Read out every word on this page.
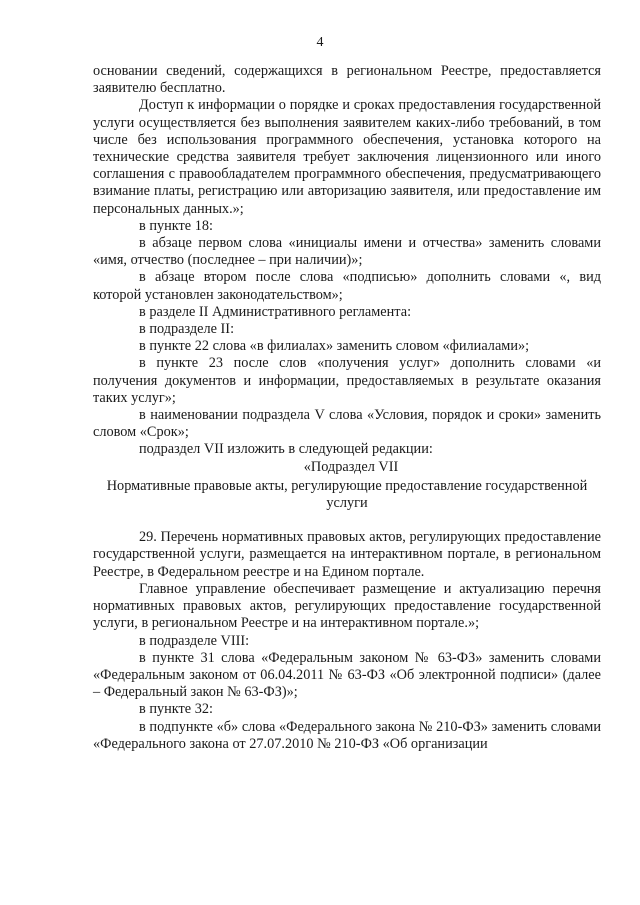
4

основании сведений, содержащихся в региональном Реестре, предоставляется заявителю бесплатно.

Доступ к информации о порядке и сроках предоставления государственной услуги осуществляется без выполнения заявителем каких-либо требований, в том числе без использования программного обеспечения, установка которого на технические средства заявителя требует заключения лицензионного или иного соглашения с правообладателем программного обеспечения, предусматривающего взимание платы, регистрацию или авторизацию заявителя, или предоставление им персональных данных.»;

в пункте 18:

в абзаце первом слова «инициалы имени и отчества» заменить словами «имя, отчество (последнее – при наличии)»;

в абзаце втором после слова «подписью» дополнить словами «, вид которой установлен законодательством»;

в разделе II Административного регламента:

в подразделе II:

в пункте 22 слова «в филиалах» заменить словом «филиалами»;

в пункте 23 после слов «получения услуг» дополнить словами «и получения документов и информации, предоставляемых в результате оказания таких услуг»;

в наименовании подраздела V слова «Условия, порядок и сроки» заменить словом «Срок»;

подраздел VII изложить в следующей редакции:

«Подраздел VII

Нормативные правовые акты, регулирующие предоставление государственной услуги

29. Перечень нормативных правовых актов, регулирующих предоставление государственной услуги, размещается на интерактивном портале, в региональном Реестре, в Федеральном реестре и на Едином портале.

Главное управление обеспечивает размещение и актуализацию перечня нормативных правовых актов, регулирующих предоставление государственной услуги, в региональном Реестре и на интерактивном портале.»;

в подразделе VIII:

в пункте 31 слова «Федеральным законом № 63-ФЗ» заменить словами «Федеральным законом от 06.04.2011 № 63-ФЗ «Об электронной подписи» (далее – Федеральный закон № 63-ФЗ)»;

в пункте 32:

в подпункте «б» слова «Федерального закона № 210-ФЗ» заменить словами «Федерального закона от 27.07.2010 № 210-ФЗ «Об организации
